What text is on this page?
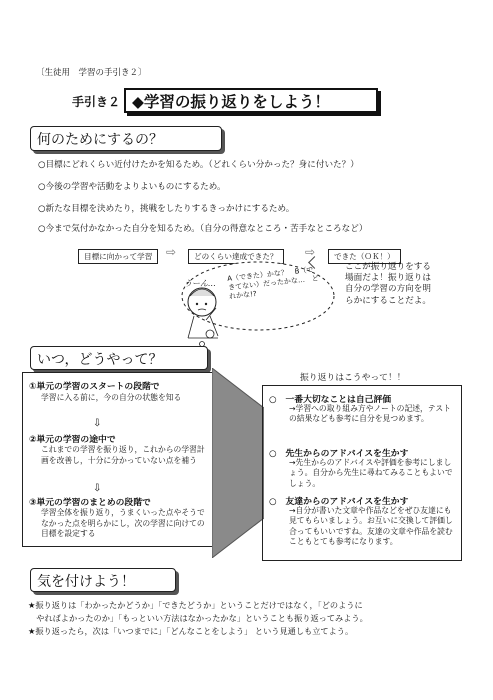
〔生徒用　学習の手引き２〕
手引き２ ◆学習の振り返りをしよう！
何のためにするの？
○目標にどれくらい近付けたかを知るため。（どれくらい分かった？身に付いた？）
○今後の学習や活動をよりよいものにするため。
○新たな目標を決めたり，挑戦をしたりするきっかけにするため。
○今まで気付かなかった自分を知るため。（自分の得意なところ・苦手なところなど）
目標に向かって学習	⇨	どのくらい達成できた？	⇨	できた（ＯＫ！）
うーん…
A（できた）かな？　B（できてない）だったかな…　どれかな!?
ここが振り返りをする場面だよ！振り返りは自分の学習の方向を明らかにすることだよ。
いつ，どうやって？
①単元の学習のスタートの段階で
学習に入る前に，今の自分の状態を知る
⇩
②単元の学習の途中で
これまでの学習を振り返り，これからの学習計画を改善し，十分に分かっていない点を補う
⇩
③単元の学習のまとめの段階で
学習全体を振り返り，うまくいった点やそうでなかった点を明らかにし，次の学習に向けての目標を設定する
振り返りはこうやって！！
○　一番大切なことは自己評価
→学習への取り組み方やノートの記述，テストの結果なども参考に自分を見つめます。
○　先生からのアドバイスを生かす
→先生からのアドバイスや評価を参考にしましょう。自分から先生に尋ねてみることもよいでしょう。
○　友達からのアドバイスを生かす
→自分が書いた文章や作品などをぜひ友達にも見てもらいましょう。お互いに交換して評価し合ってもいいですね。友達の文章や作品を読むこともとても参考になります。
気を付けよう！
★振り返りは「わかったかどうか」「できたどうか」ということだけではなく，「どのように
　やればよかったのか」「もっといい方法はなかったかな」ということも振り返ってみよう。
★振り返ったら，次は「いつまでに」「どんなことをしよう」 という見通しも立てよう。
